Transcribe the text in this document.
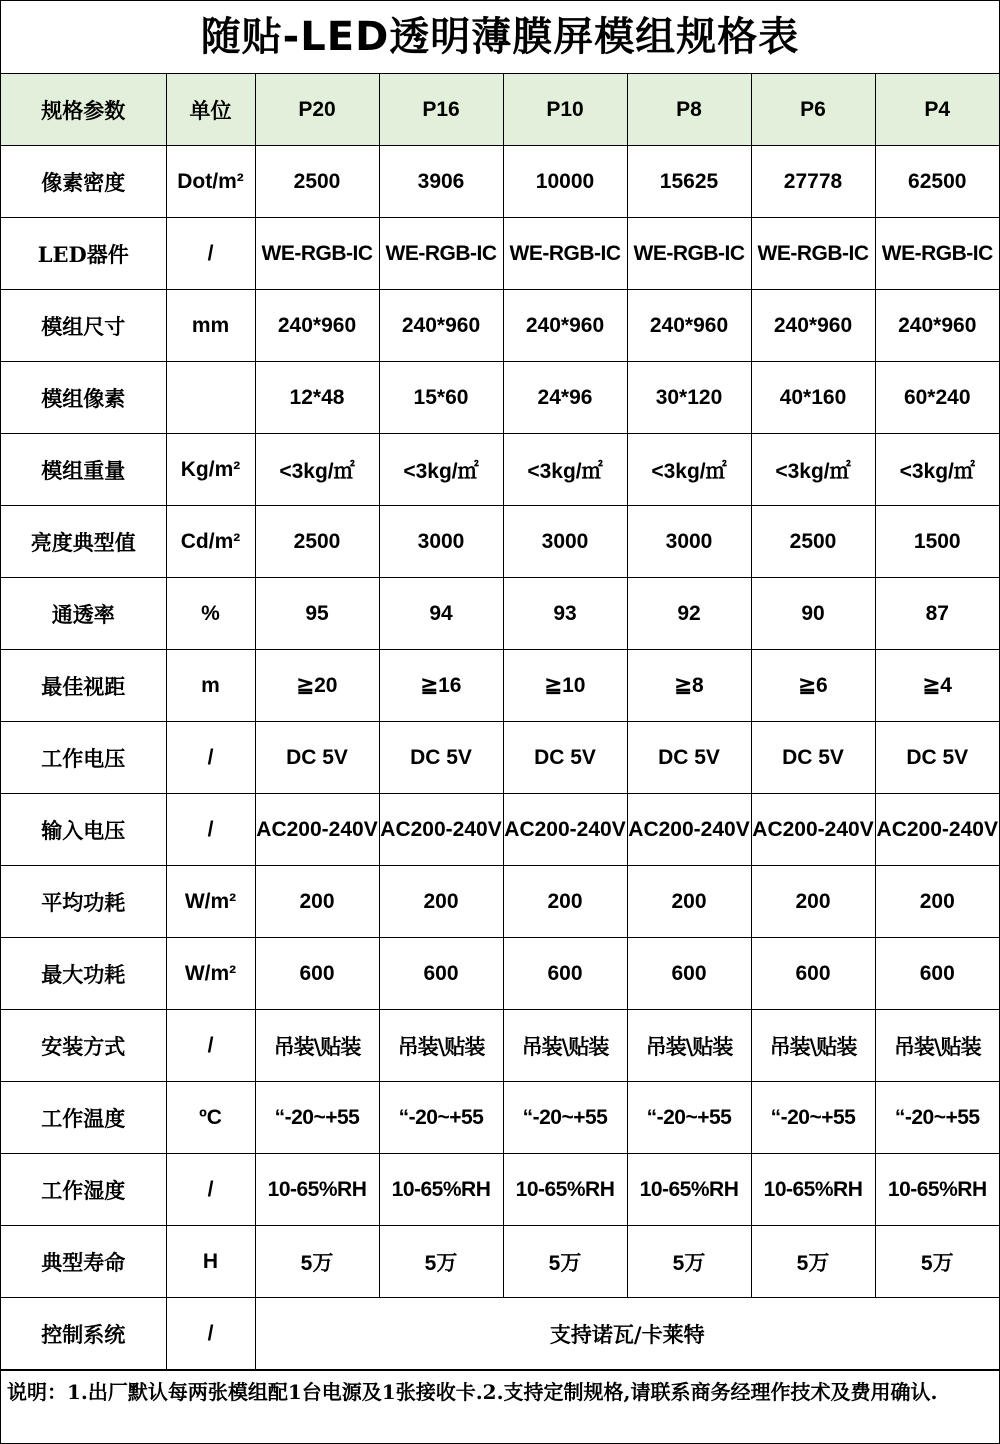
随贴-LED透明薄膜屏模组规格表
规格参数	单位	P20	P16	P10	P8	P6	P4
像素密度	Dot/m²	2500	3906	10000	15625	27778	62500
LED器件	/	WE-RGB-IC	WE-RGB-IC	WE-RGB-IC	WE-RGB-IC	WE-RGB-IC	WE-RGB-IC
模组尺寸	mm	240*960	240*960	240*960	240*960	240*960	240*960
模组像素		12*48	15*60	24*96	30*120	40*160	60*240
模组重量	Kg/m²	<3kg/㎡	<3kg/㎡	<3kg/㎡	<3kg/㎡	<3kg/㎡	<3kg/㎡
亮度典型值	Cd/m²	2500	3000	3000	3000	2500	1500
通透率	%	95	94	93	92	90	87
最佳视距	m	≧20	≧16	≧10	≧8	≧6	≧4
工作电压	/	DC 5V	DC 5V	DC 5V	DC 5V	DC 5V	DC 5V
输入电压	/	AC200-240V	AC200-240V	AC200-240V	AC200-240V	AC200-240V	AC200-240V
平均功耗	W/m²	200	200	200	200	200	200
最大功耗	W/m²	600	600	600	600	600	600
安装方式	/	吊装\贴装	吊装\贴装	吊装\贴装	吊装\贴装	吊装\贴装	吊装\贴装
工作温度	ºC	“-20~+55	“-20~+55	“-20~+55	“-20~+55	“-20~+55	“-20~+55
工作湿度	/	10-65%RH	10-65%RH	10-65%RH	10-65%RH	10-65%RH	10-65%RH
典型寿命	H	5万	5万	5万	5万	5万	5万
控制系统	/	支持诺瓦/卡莱特					
说明：1.出厂默认每两张模组配1台电源及1张接收卡.2.支持定制规格,请联系商务经理作技术及费用确认.
